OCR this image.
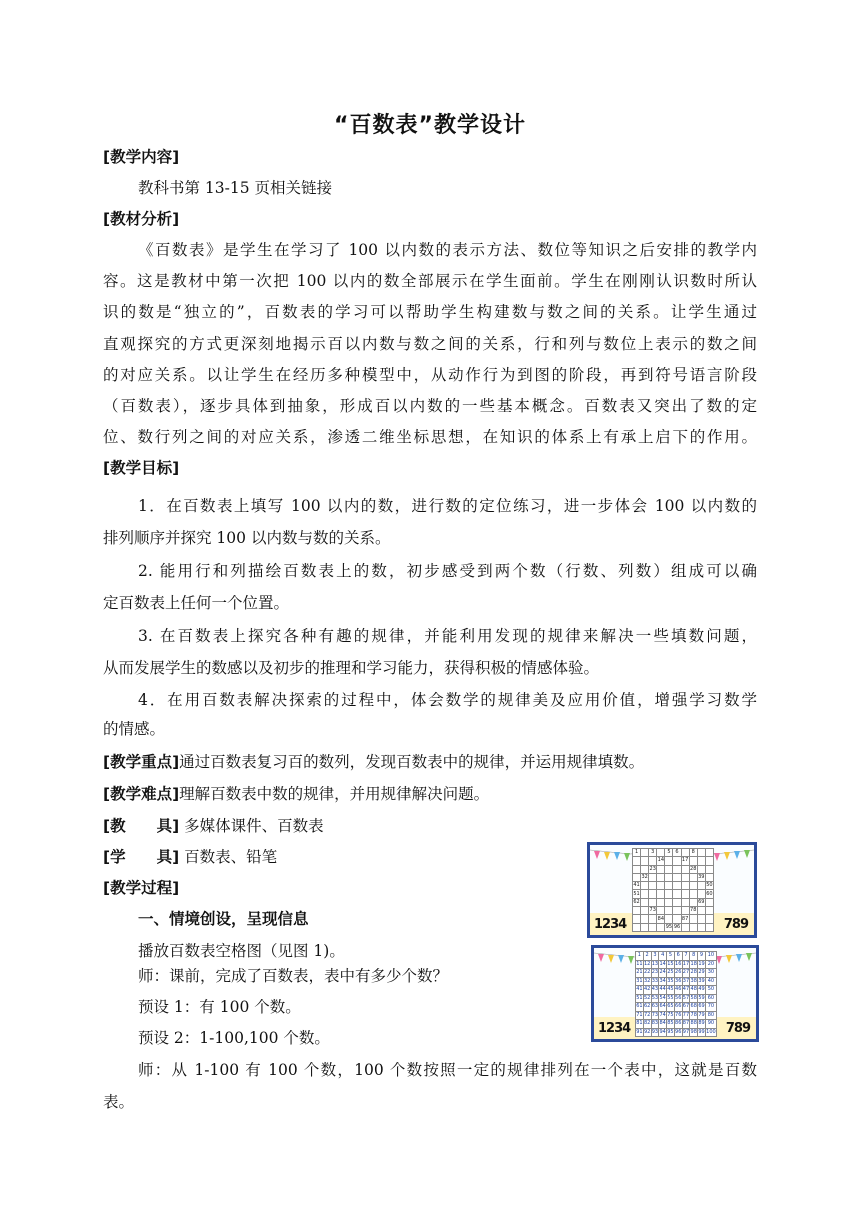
“百数表”教学设计
[教学内容]
教科书第 13-15 页相关链接
[教材分析]
《百数表》是学生在学习了 100 以内数的表示方法、数位等知识之后安排的教学内
容。这是教材中第一次把 100 以内的数全部展示在学生面前。学生在刚刚认识数时所认
识的数是“独立的”，百数表的学习可以帮助学生构建数与数之间的关系。让学生通过
直观探究的方式更深刻地揭示百以内数与数之间的关系，行和列与数位上表示的数之间
的对应关系。以让学生在经历多种模型中，从动作行为到图的阶段，再到符号语言阶段
（百数表），逐步具体到抽象，形成百以内数的一些基本概念。百数表又突出了数的定
位、数行列之间的对应关系，渗透二维坐标思想，在知识的体系上有承上启下的作用。
[教学目标]
1．在百数表上填写 100 以内的数，进行数的定位练习，进一步体会 100 以内数的
排列顺序并探究 100 以内数与数的关系。
2. 能用行和列描绘百数表上的数，初步感受到两个数（行数、列数）组成可以确
定百数表上任何一个位置。
3. 在百数表上探究各种有趣的规律，并能利用发现的规律来解决一些填数问题，
从而发展学生的数感以及初步的推理和学习能力，获得积极的情感体验。
4．在用百数表解决探索的过程中，体会数学的规律美及应用价值，增强学习数学
的情感。
[教学重点]通过百数表复习百的数列，发现百数表中的规律，并运用规律填数。
[教学难点]理解百数表中数的规律，并用规律解决问题。
[教　　具] 多媒体课件、百数表
[学　　具] 百数表、铅笔
[教学过程]
一、情境创设，呈现信息
播放百数表空格图（见图 1)。
师：课前，完成了百数表，表中有多少个数？
预设 1：有 100 个数。
预设 2：1-100,100 个数。
师：从 1-100 有 100 个数，100 个数按照一定的规律排列在一个表中，这就是百数
表。
1		3		5	6		8		
			14			17			
		23					28		
	32							39	
41									50
51									60
62								69	
		73					78		
			84			87			
				95	96				
1234	789
1	2	3	4	5	6	7	8	9	10
11	12	13	14	15	16	17	18	19	20
21	22	23	24	25	26	27	28	29	30
31	32	33	34	35	36	37	38	39	40
41	42	43	44	45	46	47	48	49	50
51	52	53	54	55	56	57	58	59	60
61	62	63	64	65	66	67	68	69	70
71	72	73	74	75	76	77	78	79	80
81	82	83	84	85	86	87	88	89	90
91	92	93	94	95	96	97	98	99	100
1234	789
